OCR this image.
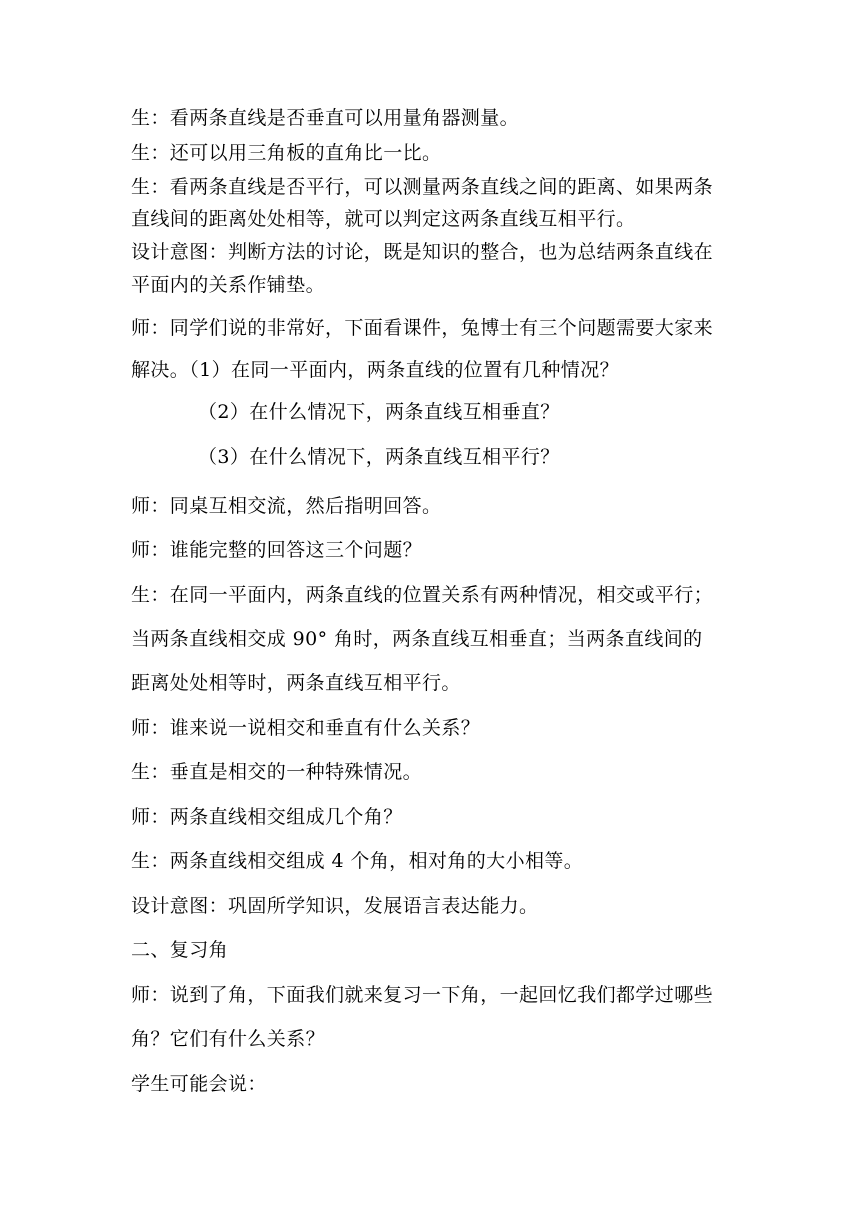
生：看两条直线是否垂直可以用量角器测量。
生：还可以用三角板的直角比一比。
生：看两条直线是否平行，可以测量两条直线之间的距离、如果两条
直线间的距离处处相等，就可以判定这两条直线互相平行。
设计意图：判断方法的讨论，既是知识的整合，也为总结两条直线在
平面内的关系作铺垫。
师：同学们说的非常好，下面看课件，兔博士有三个问题需要大家来
解决。（1）在同一平面内，两条直线的位置有几种情况？
（2）在什么情况下，两条直线互相垂直？
（3）在什么情况下，两条直线互相平行？
师：同桌互相交流，然后指明回答。
师：谁能完整的回答这三个问题？
生：在同一平面内，两条直线的位置关系有两种情况，相交或平行；
当两条直线相交成 90° 角时，两条直线互相垂直；当两条直线间的
距离处处相等时，两条直线互相平行。
师：谁来说一说相交和垂直有什么关系？
生：垂直是相交的一种特殊情况。
师：两条直线相交组成几个角？
生：两条直线相交组成 4 个角，相对角的大小相等。
设计意图：巩固所学知识，发展语言表达能力。
二、复习角
师：说到了角，下面我们就来复习一下角，一起回忆我们都学过哪些
角？它们有什么关系？
学生可能会说：
